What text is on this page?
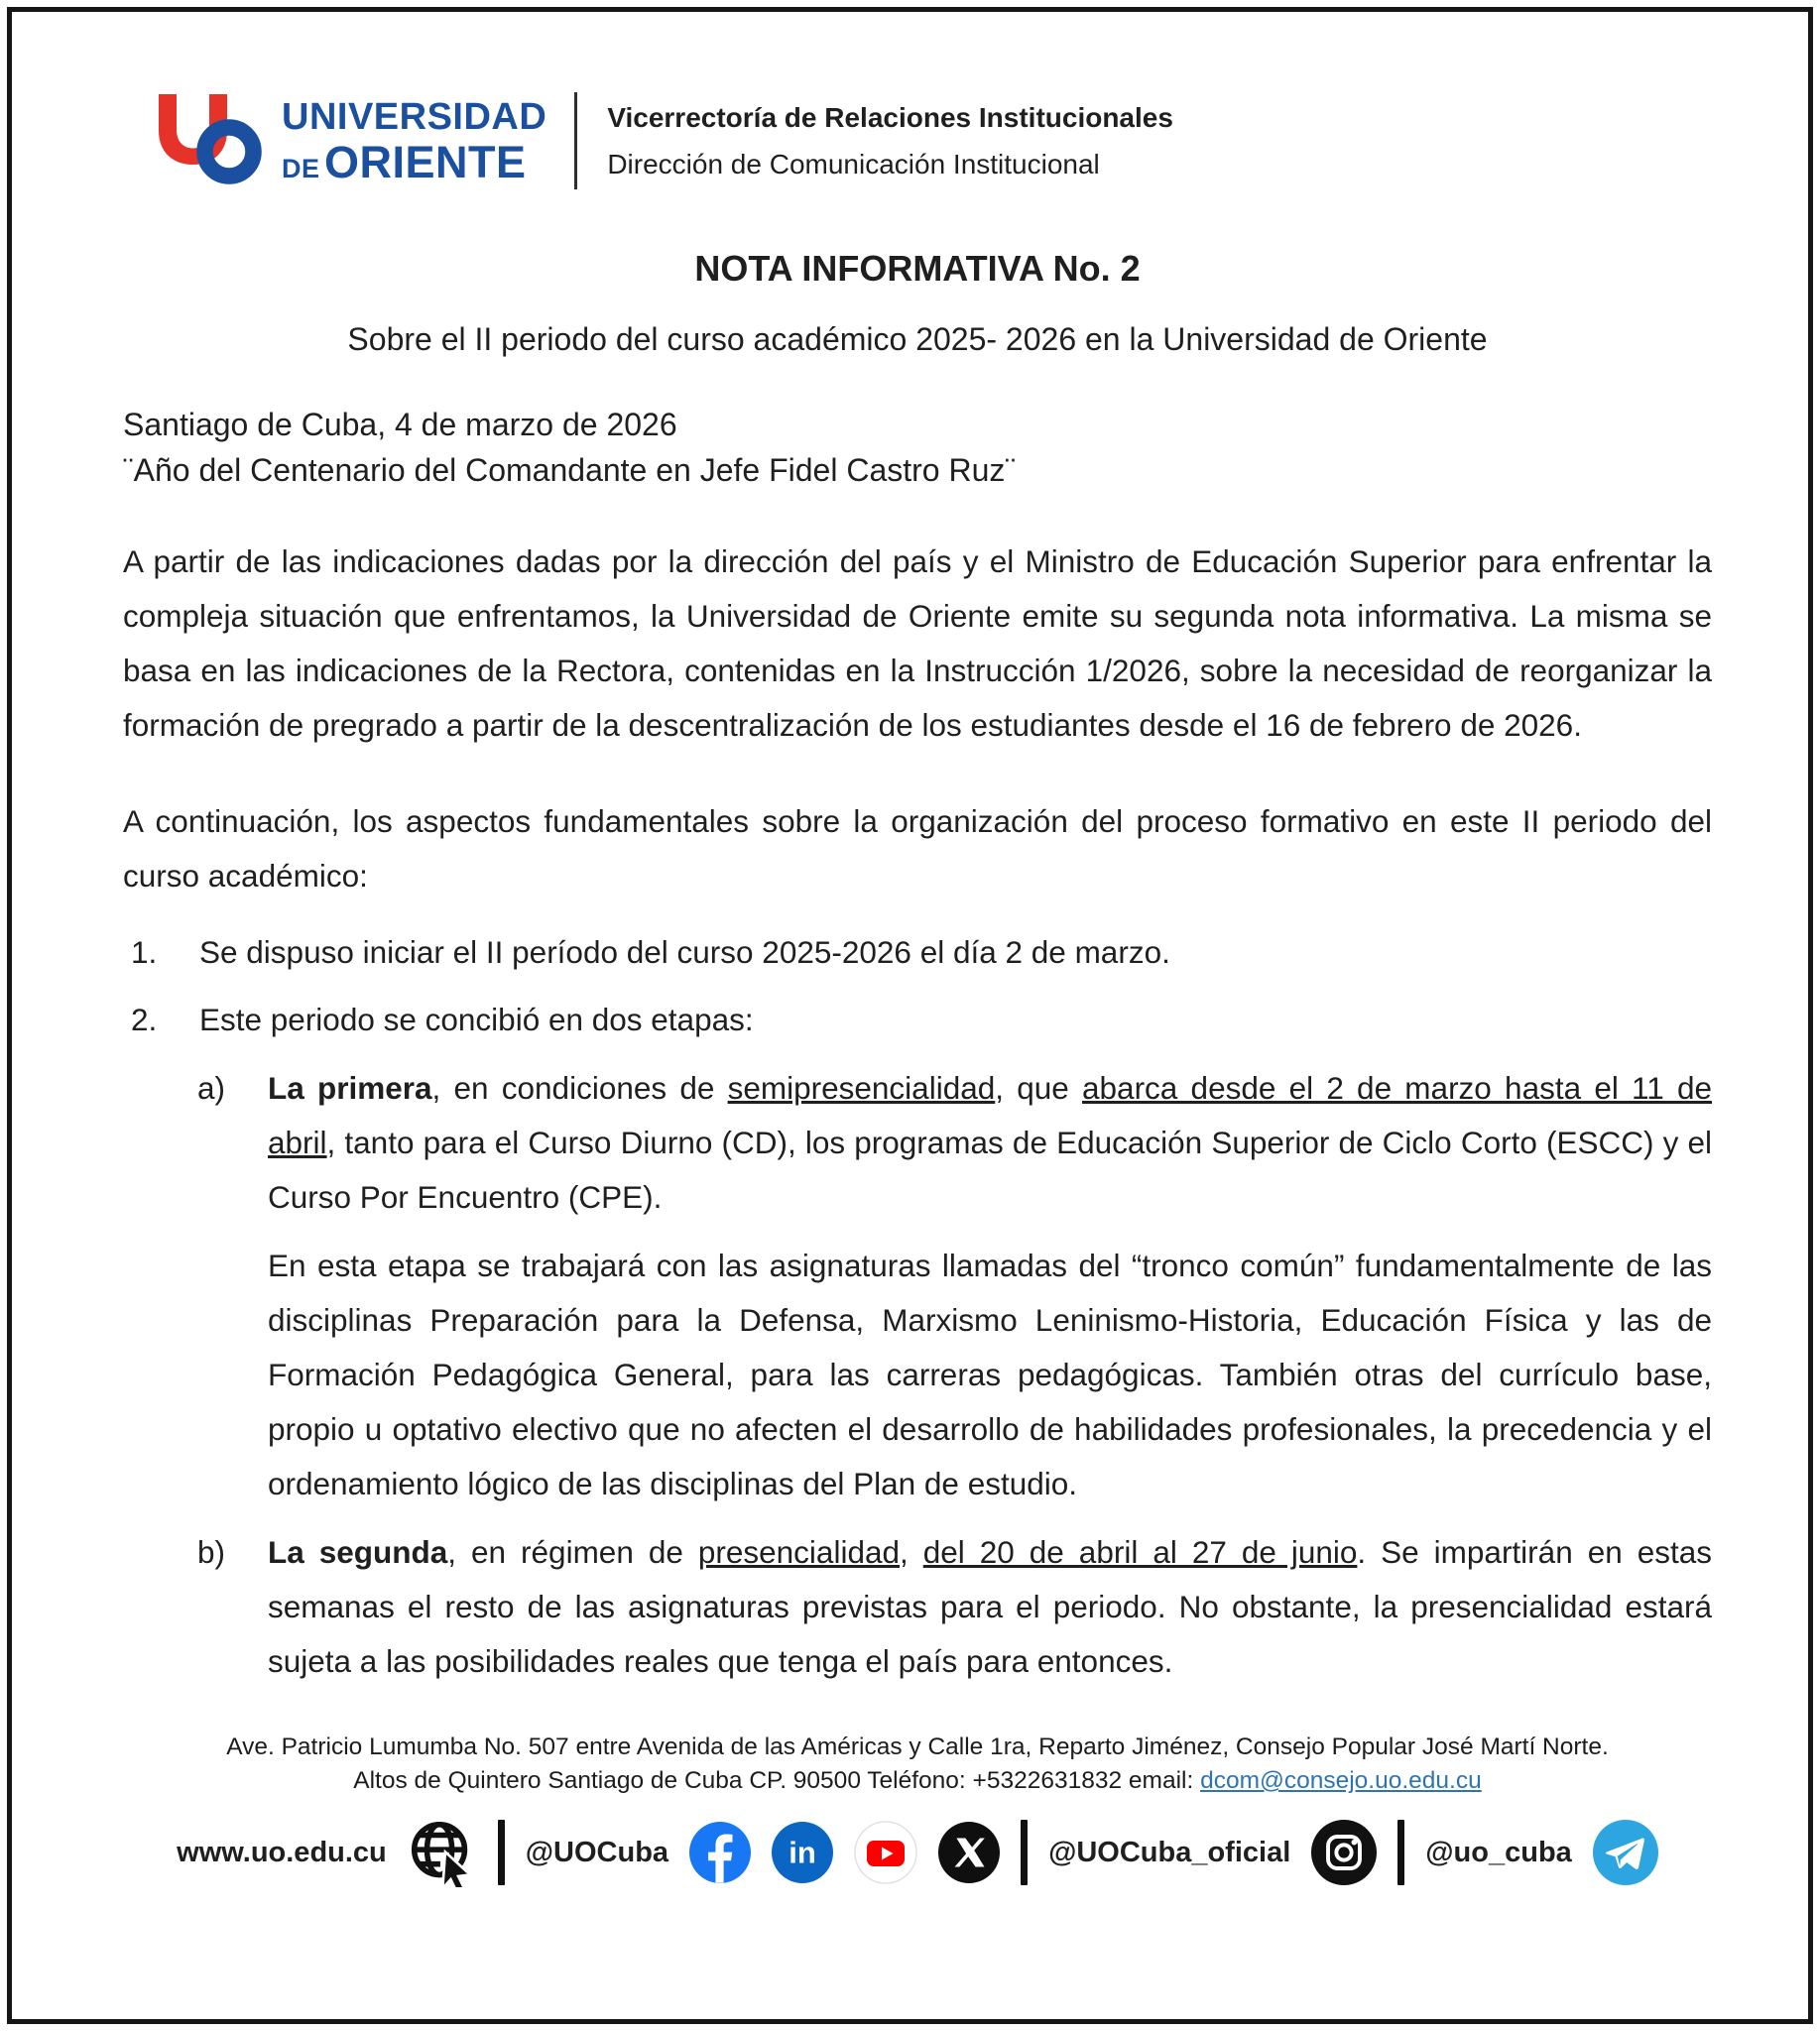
UNIVERSIDAD
DE ORIENTE
Vicerrectoría de Relaciones Institucionales
Dirección de Comunicación Institucional
NOTA INFORMATIVA No. 2
Sobre el II periodo del curso académico 2025- 2026 en la Universidad de Oriente
Santiago de Cuba, 4 de marzo de 2026
¨Año del Centenario del Comandante en Jefe Fidel Castro Ruz¨
A partir de las indicaciones dadas por la dirección del país y el Ministro de Educación Superior para enfrentar la compleja situación que enfrentamos, la Universidad de Oriente emite su segunda nota informativa. La misma se basa en las indicaciones de la Rectora, contenidas en la Instrucción 1/2026, sobre la necesidad de reorganizar la formación de pregrado a partir de la descentralización de los estudiantes desde el 16 de febrero de 2026.
A continuación, los aspectos fundamentales sobre la organización del proceso formativo en este II periodo del curso académico:
1.	Se dispuso iniciar el II período del curso 2025-2026 el día 2 de marzo.
2.	Este periodo se concibió en dos etapas:
a)	La primera, en condiciones de semipresencialidad, que abarca desde el 2 de marzo hasta el 11 de abril, tanto para el Curso Diurno (CD), los programas de Educación Superior de Ciclo Corto (ESCC) y el Curso Por Encuentro (CPE).
En esta etapa se trabajará con las asignaturas llamadas del “tronco común” fundamentalmente de las disciplinas Preparación para la Defensa, Marxismo Leninismo-Historia, Educación Física y las de Formación Pedagógica General, para las carreras pedagógicas. También otras del currículo base, propio u optativo electivo que no afecten el desarrollo de habilidades profesionales, la precedencia y el ordenamiento lógico de las disciplinas del Plan de estudio.
b)	La segunda, en régimen de presencialidad, del 20 de abril al 27 de junio. Se impartirán en estas semanas el resto de las asignaturas previstas para el periodo. No obstante, la presencialidad estará sujeta a las posibilidades reales que tenga el país para entonces.
Ave. Patricio Lumumba No. 507 entre Avenida de las Américas y Calle 1ra, Reparto Jiménez, Consejo Popular José Martí Norte.
Altos de Quintero Santiago de Cuba CP. 90500 Teléfono: +5322631832 email: dcom@consejo.uo.edu.cu
www.uo.edu.cu	@UOCuba	in	@UOCuba_oficial	@uo_cuba
